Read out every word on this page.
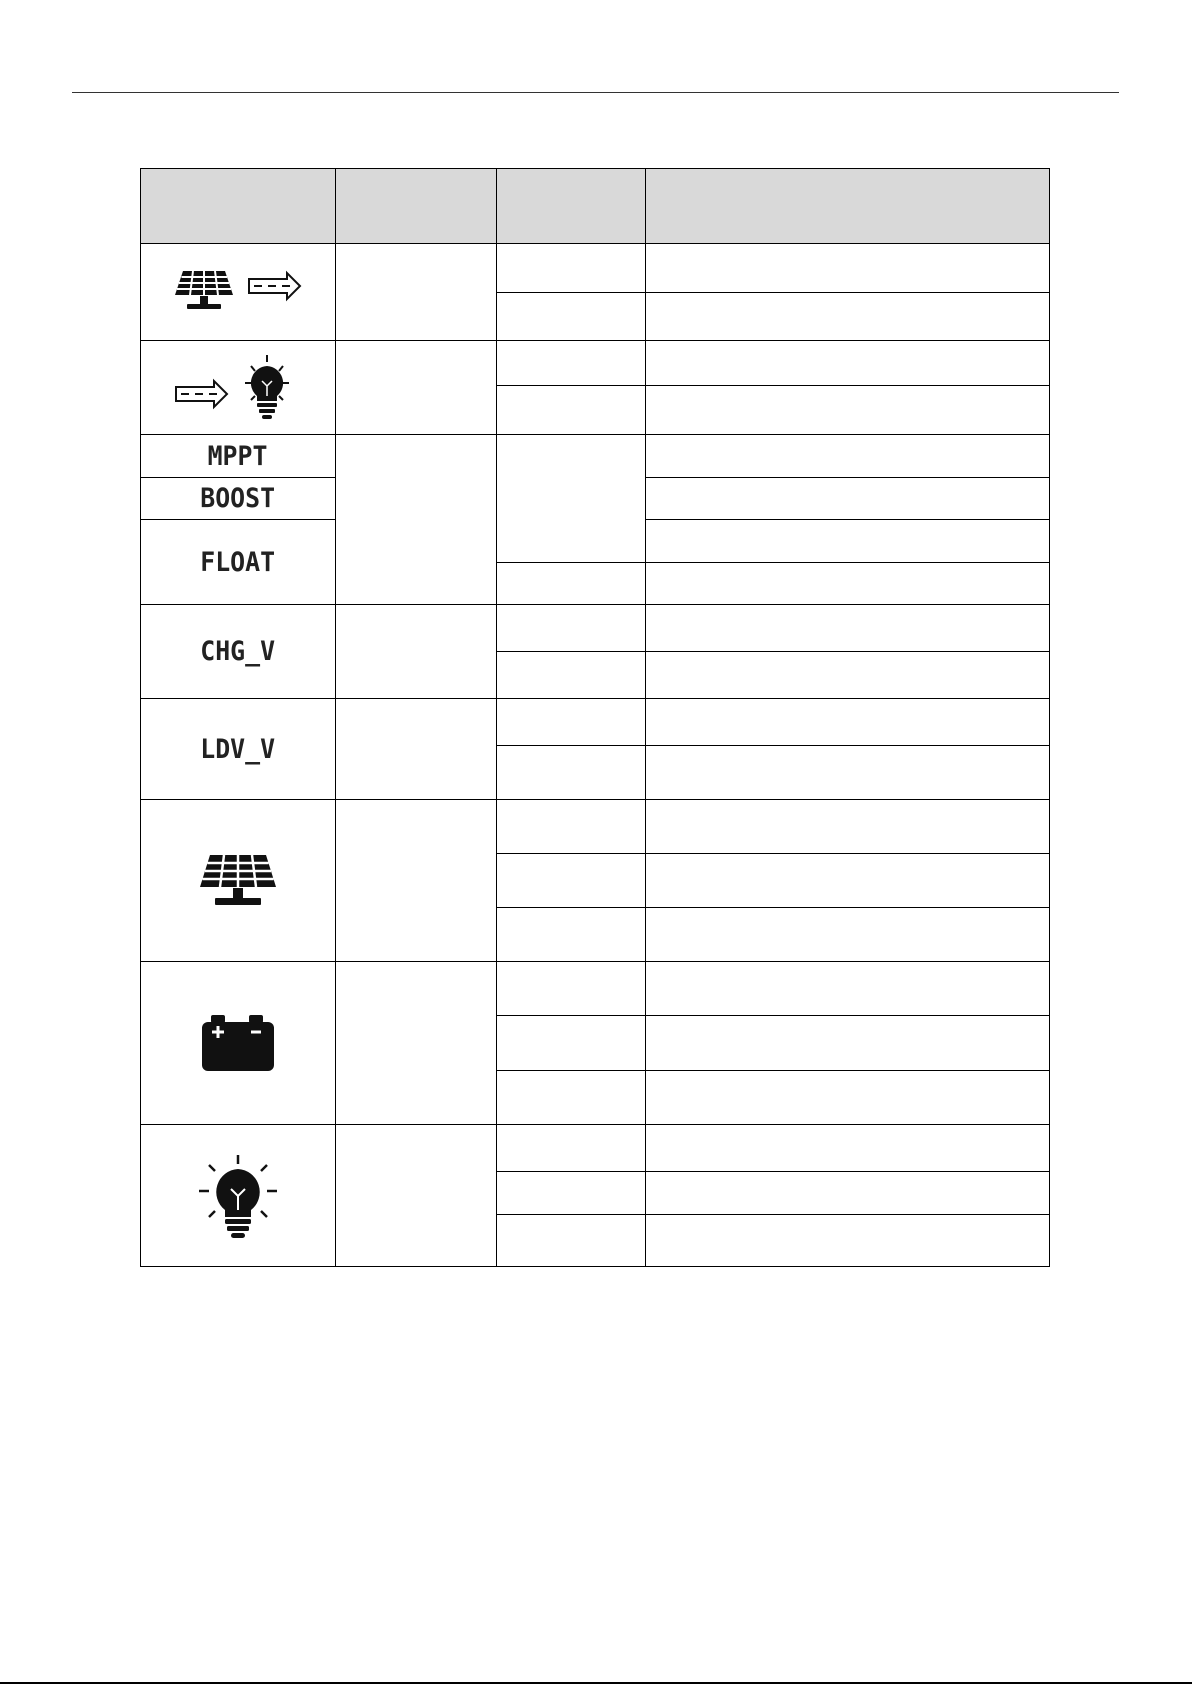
MPPT
BOOST
FLOAT
CHG_V
LDV_V
